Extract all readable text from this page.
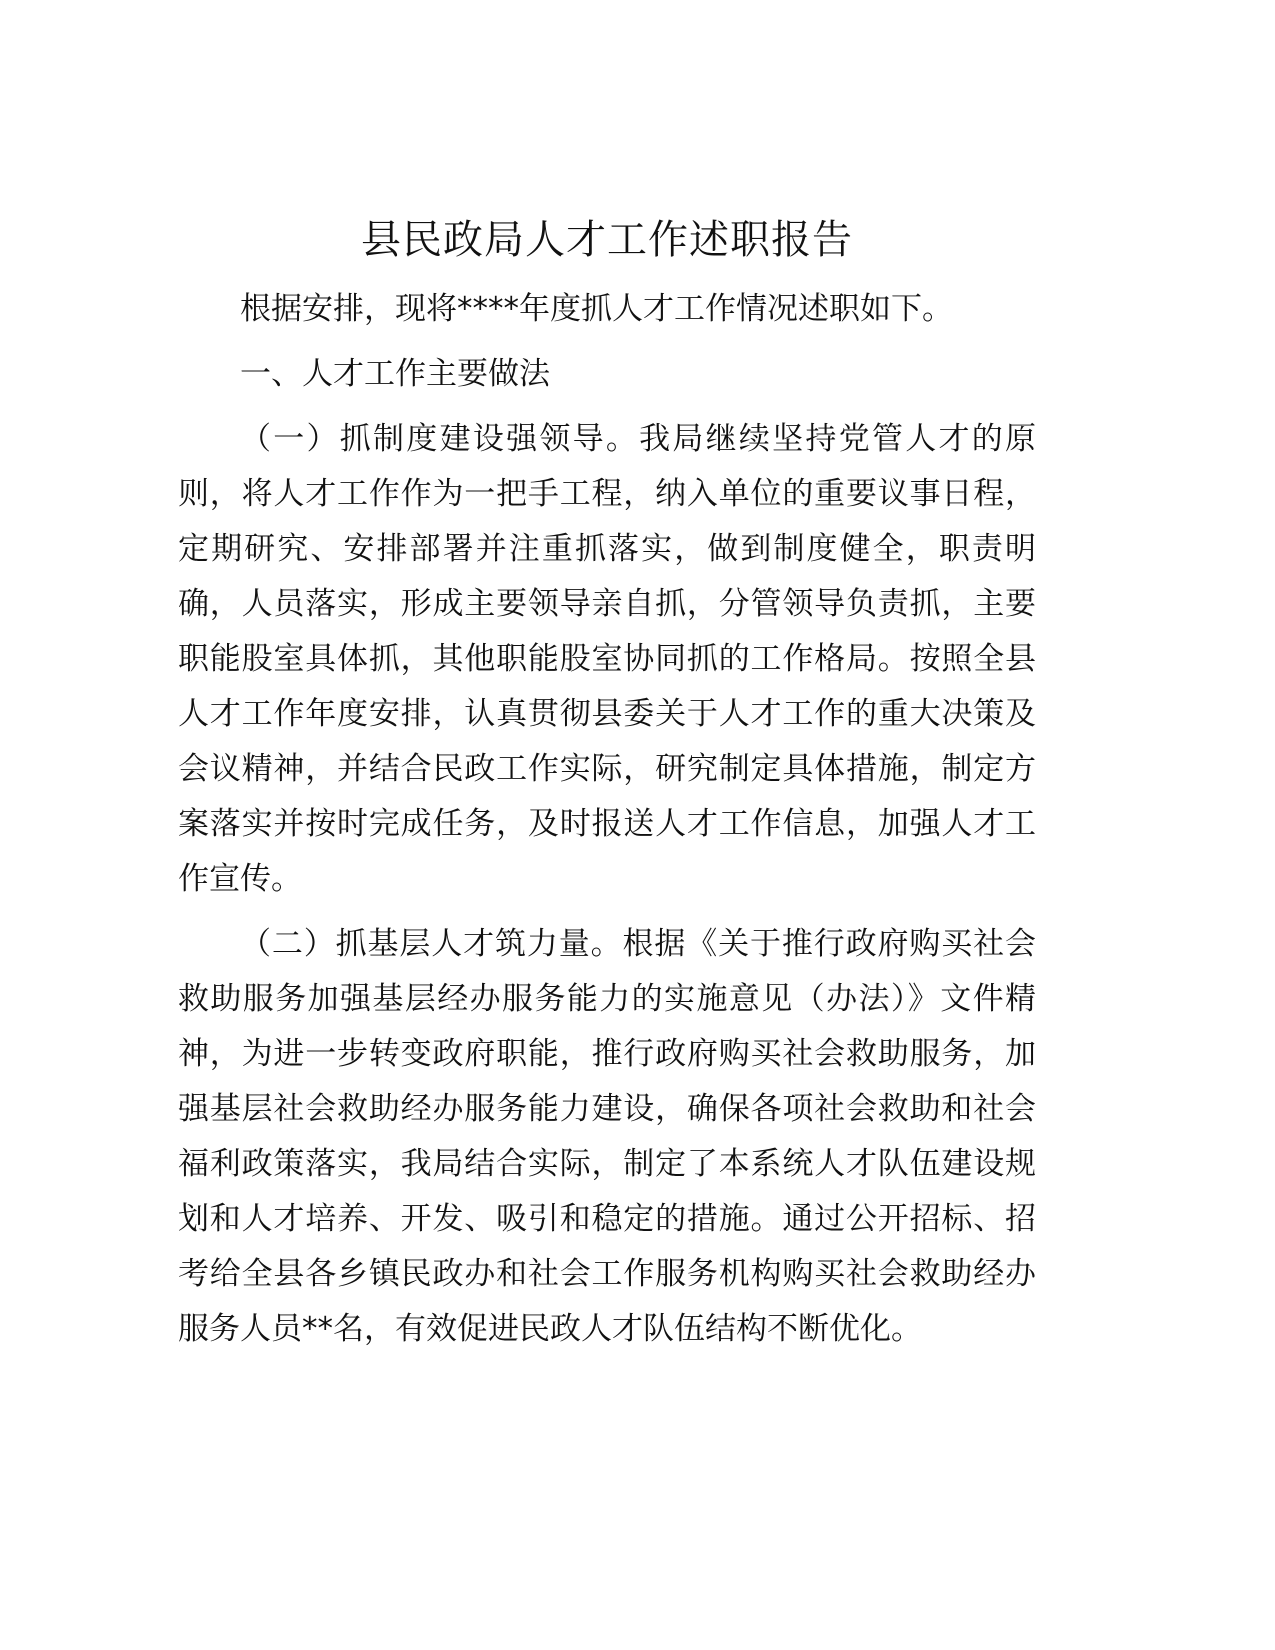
县民政局人才工作述职报告

根据安排，现将****年度抓人才工作情况述职如下。

一、人才工作主要做法

（一）抓制度建设强领导。我局继续坚持党管人才的原则，将人才工作作为一把手工程，纳入单位的重要议事日程，定期研究、安排部署并注重抓落实，做到制度健全，职责明确，人员落实，形成主要领导亲自抓，分管领导负责抓，主要职能股室具体抓，其他职能股室协同抓的工作格局。按照全县人才工作年度安排，认真贯彻县委关于人才工作的重大决策及会议精神，并结合民政工作实际，研究制定具体措施，制定方案落实并按时完成任务，及时报送人才工作信息，加强人才工作宣传。

（二）抓基层人才筑力量。根据《关于推行政府购买社会救助服务加强基层经办服务能力的实施意见（办法）》文件精神，为进一步转变政府职能，推行政府购买社会救助服务，加强基层社会救助经办服务能力建设，确保各项社会救助和社会福利政策落实，我局结合实际，制定了本系统人才队伍建设规划和人才培养、开发、吸引和稳定的措施。通过公开招标、招考给全县各乡镇民政办和社会工作服务机构购买社会救助经办服务人员**名，有效促进民政人才队伍结构不断优化。
